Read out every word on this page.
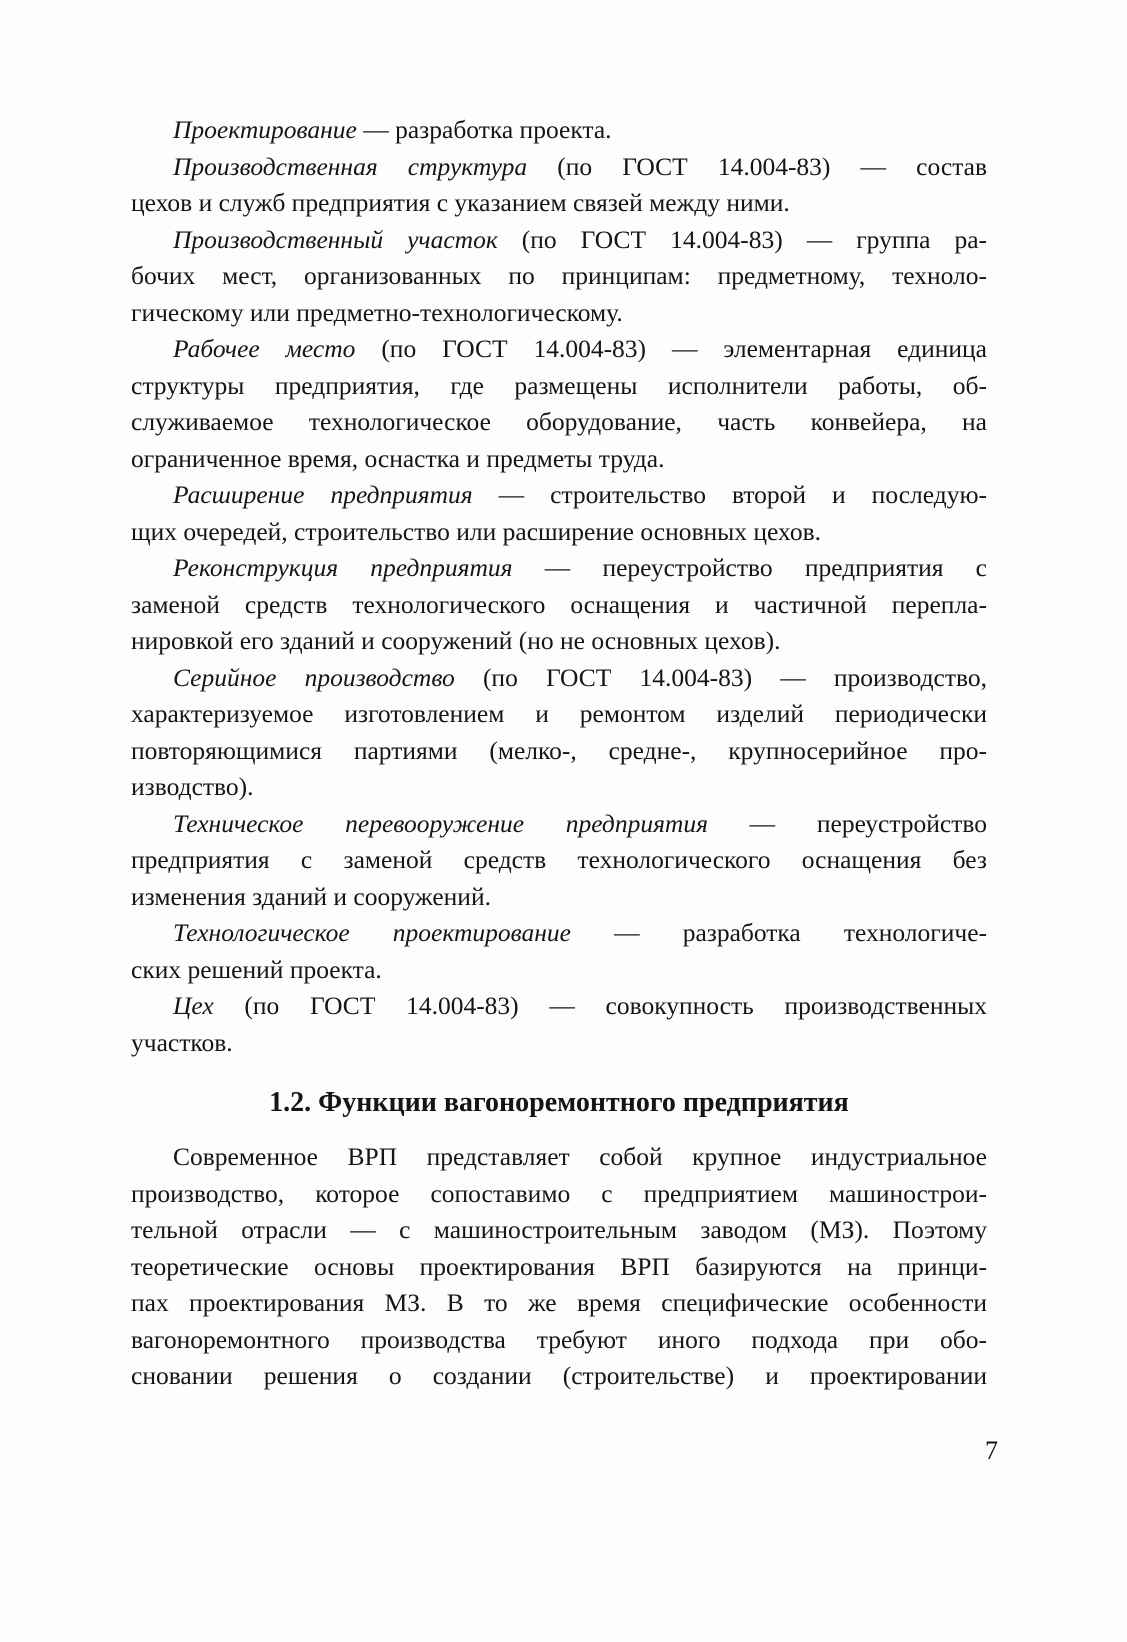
Проектирование — разработка проекта.
Производственная структура (по ГОСТ 14.004-83) — состав
цехов и служб предприятия с указанием связей между ними.
Производственный участок (по ГОСТ 14.004-83) — группа ра-
бочих мест, организованных по принципам: предметному, техноло-
гическому или предметно-технологическому.
Рабочее место (по ГОСТ 14.004-83) — элементарная единица
структуры предприятия, где размещены исполнители работы, об-
служиваемое технологическое оборудование, часть конвейера, на
ограниченное время, оснастка и предметы труда.
Расширение предприятия — строительство второй и последую-
щих очередей, строительство или расширение основных цехов.
Реконструкция предприятия — переустройство предприятия с
заменой средств технологического оснащения и частичной перепла-
нировкой его зданий и сооружений (но не основных цехов).
Серийное производство (по ГОСТ 14.004-83) — производство,
характеризуемое изготовлением и ремонтом изделий периодически
повторяющимися партиями (мелко-, средне-, крупносерийное про-
изводство).
Техническое перевооружение предприятия — переустройство
предприятия с заменой средств технологического оснащения без
изменения зданий и сооружений.
Технологическое проектирование — разработка технологиче-
ских решений проекта.
Цех (по ГОСТ 14.004-83) — совокупность производственных
участков.
1.2. Функции вагоноремонтного предприятия
Современное ВРП представляет собой крупное индустриальное
производство, которое сопоставимо с предприятием машинострои-
тельной отрасли — с машиностроительным заводом (МЗ). Поэтому
теоретические основы проектирования ВРП базируются на принци-
пах проектирования МЗ. В то же время специфические особенности
вагоноремонтного производства требуют иного подхода при обо-
сновании решения о создании (строительстве) и проектировании
7
